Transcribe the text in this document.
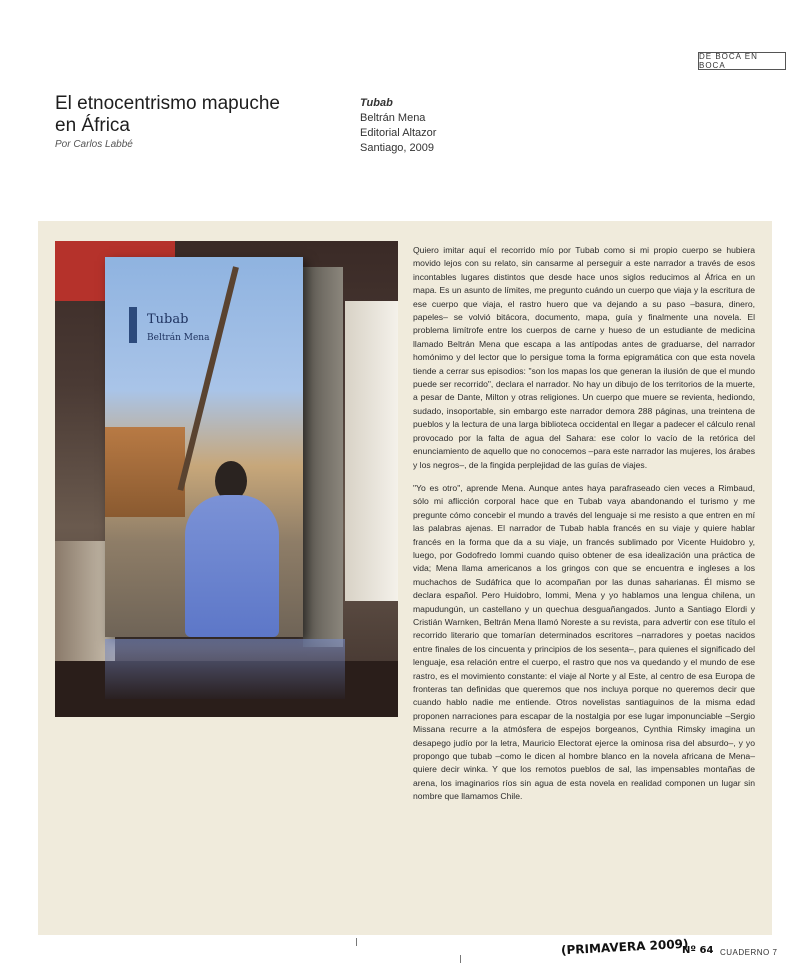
DE BOCA EN BOCA
El etnocentrismo mapuche en África
Por Carlos Labbé
Tubab
Beltrán Mena
Editorial Altazor
Santiago, 2009
Tubab
Beltrán Mena

Quiero imitar aquí el recorrido mío por Tubab como si mi propio cuerpo se hubiera movido lejos con su relato, sin cansarme al perseguir a este narrador a través de esos incontables lugares distintos que desde hace unos siglos reducimos al África en un mapa. Es un asunto de límites, me pregunto cuándo un cuerpo que viaja y la escritura de ese cuerpo que viaja, el rastro huero que va dejando a su paso –basura, dinero, papeles– se volvió bitácora, documento, mapa, guía y finalmente una novela. El problema limítrofe entre los cuerpos de carne y hueso de un estudiante de medicina llamado Beltrán Mena que escapa a las antípodas antes de graduarse, del narrador homónimo y del lector que lo persigue toma la forma epigramática con que esta novela tiende a cerrar sus episodios: "son los mapas los que generan la ilusión de que el mundo puede ser recorrido", declara el narrador. No hay un dibujo de los territorios de la muerte, a pesar de Dante, Milton y otras religiones. Un cuerpo que muere se revienta, hediondo, sudado, insoportable, sin embargo este narrador demora 288 páginas, una treintena de pueblos y la lectura de una larga biblioteca occidental en llegar a padecer el cálculo renal provocado por la falta de agua del Sahara: ese color lo vacío de la retórica del enunciamiento de aquello que no conocemos –para este narrador las mujeres, los árabes y los negros–, de la fingida perplejidad de las guías de viajes.

"Yo es otro", aprende Mena. Aunque antes haya parafraseado cien veces a Rimbaud, sólo mi aflicción corporal hace que en Tubab vaya abandonando el turismo y me pregunte cómo concebir el mundo a través del lenguaje si me resisto a que entren en mí las palabras ajenas. El narrador de Tubab habla francés en su viaje y quiere hablar francés en la forma que da a su viaje, un francés sublimado por Vicente Huidobro y, luego, por Godofredo Iommi cuando quiso obtener de esa idealización una práctica de vida; Mena llama americanos a los gringos con que se encuentra e ingleses a los muchachos de Sudáfrica que lo acompañan por las dunas saharianas. Él mismo se declara español. Pero Huidobro, Iommi, Mena y yo hablamos una lengua chilena, un mapudungún, un castellano y un quechua desguañangados. Junto a Santiago Elordi y Cristián Warnken, Beltrán Mena llamó Noreste a su revista, para advertir con ese título el recorrido literario que tomarían determinados escritores –narradores y poetas nacidos entre finales de los cincuenta y principios de los sesenta–, para quienes el significado del lenguaje, esa relación entre el cuerpo, el rastro que nos va quedando y el mundo de ese rastro, es el movimiento constante: el viaje al Norte y al Este, al centro de esa Europa de fronteras tan definidas que queremos que nos incluya porque no queremos decir que cuando hablo nadie me entiende. Otros novelistas santiaguinos de la misma edad proponen narraciones para escapar de la nostalgia por ese lugar imponunciable –Sergio Missana recurre a la atmósfera de espejos borgeanos, Cynthia Rimsky imagina un desapego judío por la letra, Mauricio Electorat ejerce la ominosa risa del absurdo–, y yo propongo que tubab –como le dicen al hombre blanco en la novela africana de Mena– quiere decir winka. Y que los remotos pueblos de sal, las impensables montañas de arena, los imaginarios ríos sin agua de esta novela en realidad componen un lugar sin nombre que llamamos Chile.

(PRIMAVERA 2009)
Nº 64 CUADERNO 7
